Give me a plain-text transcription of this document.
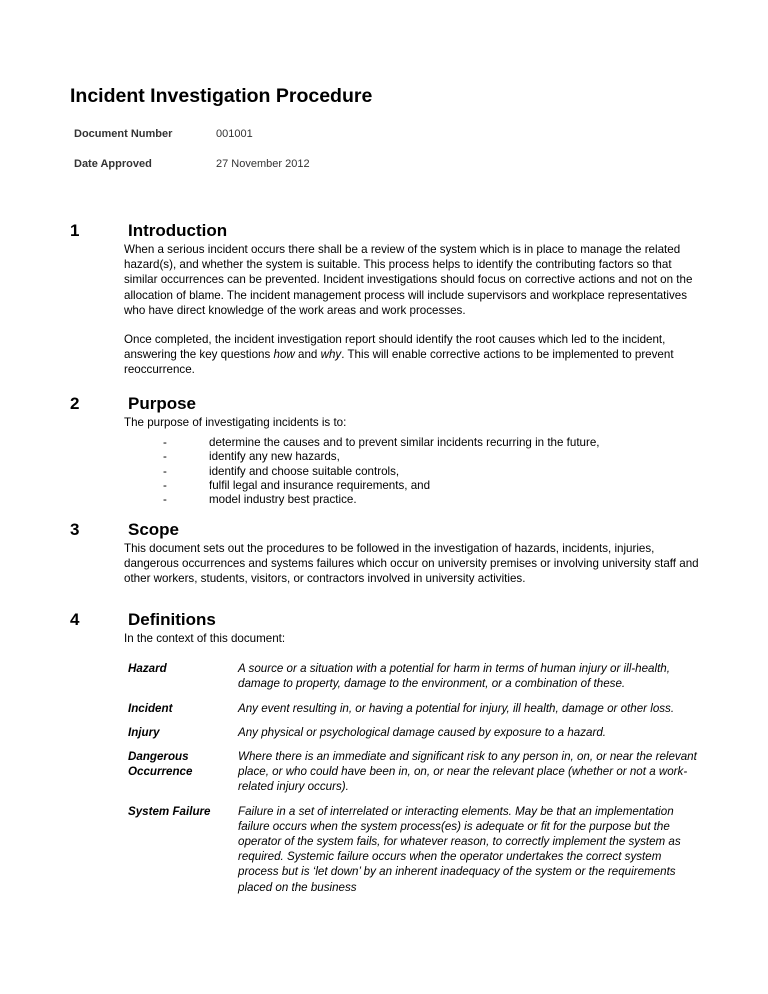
Incident Investigation Procedure
Document Number	001001
Date Approved	27 November 2012
1	Introduction

When a serious incident occurs there shall be a review of the system which is in place to manage the related hazard(s), and whether the system is suitable. This process helps to identify the contributing factors so that similar occurrences can be prevented. Incident investigations should focus on corrective actions and not on the allocation of blame. The incident management process will include supervisors and workplace representatives who have direct knowledge of the work areas and work processes.

Once completed, the incident investigation report should identify the root causes which led to the incident, answering the key questions how and why. This will enable corrective actions to be implemented to prevent reoccurrence.

2	Purpose
The purpose of investigating incidents is to:
-	determine the causes and to prevent similar incidents recurring in the future,
-	identify any new hazards,
-	identify and choose suitable controls,
-	fulfil legal and insurance requirements, and
-	model industry best practice.
3	Scope

This document sets out the procedures to be followed in the investigation of hazards, incidents, injuries, dangerous occurrences and systems failures which occur on university premises or involving university staff and other workers, students, visitors, or contractors involved in university activities.

4	Definitions
In the context of this document:
Hazard	A source or a situation with a potential for harm in terms of human injury or ill-health, damage to property, damage to the environment, or a combination of these.
Incident	Any event resulting in, or having a potential for injury, ill health, damage or other loss.
Injury	Any physical or psychological damage caused by exposure to a hazard.
Dangerous Occurrence	Where there is an immediate and significant risk to any person in, on, or near the relevant place, or who could have been in, on, or near the relevant place (whether or not a work-related injury occurs).
System Failure	Failure in a set of interrelated or interacting elements. May be that an implementation failure occurs when the system process(es) is adequate or fit for the purpose but the operator of the system fails, for whatever reason, to correctly implement the system as required. Systemic failure occurs when the operator undertakes the correct system process but is ‘let down’ by an inherent inadequacy of the system or the requirements placed on the business
